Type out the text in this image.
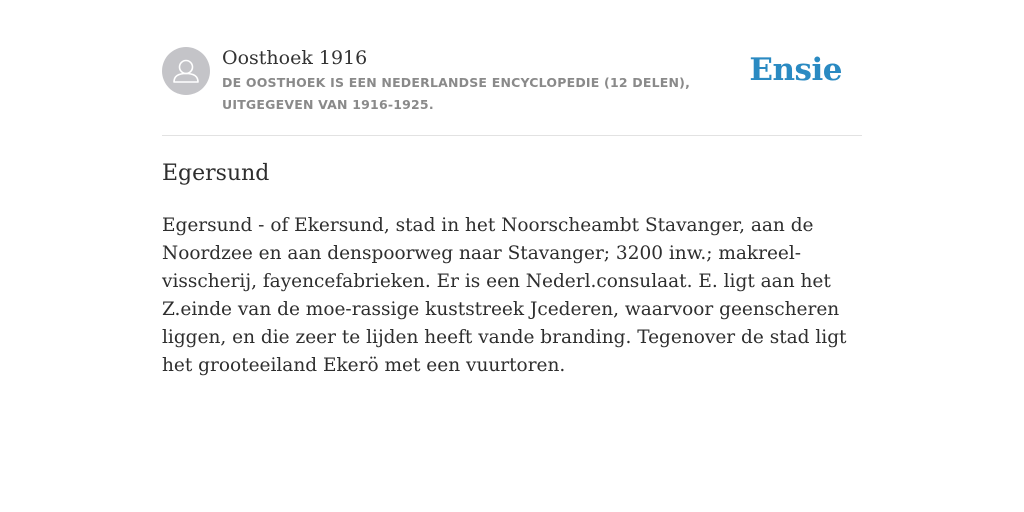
Oosthoek 1916
DE OOSTHOEK IS EEN NEDERLANDSE ENCYCLOPEDIE (12 DELEN), UITGEGEVEN VAN 1916-1925.
Ensie
Egersund

Egersund - of Ekersund, stad in het Noorscheambt Stavanger, aan de Noordzee en aan denspoorweg naar Stavanger; 3200 inw.; makreel-visscherij, fayencefabrieken. Er is een Nederl.consulaat. E. ligt aan het Z.einde van de moe-rassige kuststreek Jcederen, waarvoor geenscheren liggen, en die zeer te lijden heeft vande branding. Tegenover de stad ligt het grooteeiland Ekerö met een vuurtoren.
